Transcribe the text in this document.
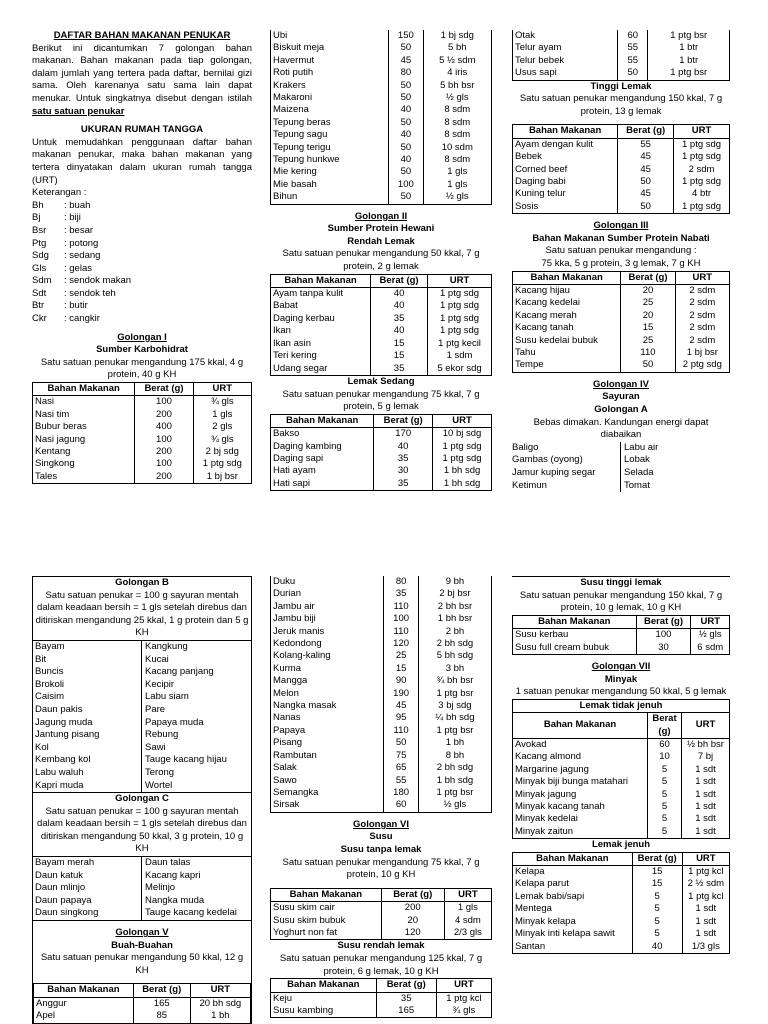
DAFTAR BAHAN MAKANAN PENUKAR
Berikut ini dicantumkan 7 golongan bahan makanan. Bahan makanan pada tiap golongan, dalam jumlah yang tertera pada daftar, bernilai gizi sama. Oleh karenanya satu sama lain dapat menukar. Untuk singkatnya disebut dengan istilah satu satuan penukar
UKURAN RUMAH TANGGA
Untuk memudahkan penggunaan daftar bahan makanan penukar, maka bahan makanan yang tertera dinyatakan dalam ukuran rumah tangga (URT)
Keterangan :
Bh	: buah
Bj	: biji
Bsr	: besar
Ptg	: potong
Sdg	: sedang
Gls	: gelas
Sdm	: sendok makan
Sdt	: sendok teh
Btr	: butir
Ckr	: cangkir
Golongan I
Sumber Karbohidrat
Satu satuan penukar mengandung 175 kkal, 4 g protein, 40 g KH
Bahan Makanan	Berat (g)	URT
Nasi	100	¾ gls
Nasi tim	200	1 gls
Bubur beras	400	2 gls
Nasi jagung	100	¾ gls
Kentang	200	2 bj sdg
Singkong	100	1 ptg sdg
Tales	200	1 bj bsr
Ubi	150	1 bj sdg
Biskuit meja	50	5 bh
Havermut	45	5 ½ sdm
Roti putih	80	4 iris
Krakers	50	5 bh bsr
Makaroni	50	½ gls
Maizena	40	8 sdm
Tepung beras	50	8 sdm
Tepung sagu	40	8 sdm
Tepung terigu	50	10 sdm
Tepung hunkwe	40	8 sdm
Mie kering	50	1 gls
Mie basah	100	1 gls
Bihun	50	½ gls
Golongan II
Sumber Protein Hewani
Rendah Lemak
Satu satuan penukar mengandung 50 kkal, 7 g protein, 2 g lemak
Bahan Makanan	Berat (g)	URT
Ayam tanpa kulit	40	1 ptg sdg
Babat	40	1 ptg sdg
Daging kerbau	35	1 ptg sdg
Ikan	40	1 ptg sdg
Ikan asin	15	1 ptg kecil
Teri kering	15	1 sdm
Udang segar	35	5 ekor sdg
Lemak Sedang
Satu satuan penukar mengandung 75 kkal, 7 g protein, 5 g lemak
Bahan Makanan	Berat (g)	URT
Bakso	170	10 bj sdg
Daging kambing	40	1 ptg sdg
Daging sapi	35	1 ptg sdg
Hati ayam	30	1 bh sdg
Hati sapi	35	1 bh sdg
Otak	60	1 ptg bsr
Telur ayam	55	1 btr
Telur bebek	55	1 btr
Usus sapi	50	1 ptg bsr
Tinggi Lemak
Satu satuan penukar mengandung 150 kkal, 7 g protein, 13 g lemak
Bahan Makanan	Berat (g)	URT
Ayam dengan kulit	55	1 ptg sdg
Bebek	45	1 ptg sdg
Corned beef	45	2 sdm
Daging babi	50	1 ptg sdg
Kuning telur	45	4 btr
Sosis	50	1 ptg sdg
Golongan III
Bahan Makanan Sumber Protein Nabati
Satu satuan penukar mengandung :
75 kka, 5 g protein, 3 g lemak, 7 g KH
Bahan Makanan	Berat (g)	URT
Kacang hijau	20	2 sdm
Kacang kedelai	25	2 sdm
Kacang merah	20	2 sdm
Kacang tanah	15	2 sdm
Susu kedelai bubuk	25	2 sdm
Tahu	110	1 bj bsr
Tempe	50	2 ptg sdg
Golongan IV
Sayuran
Golongan A
Bebas dimakan. Kandungan energi dapat diabaikan
Baligo
Gambas (oyong)
Jamur kuping segar
Ketimun
Labu air
Lobak
Selada
Tomat
Golongan B
Satu satuan penukar = 100 g sayuran mentah dalam keadaan bersih = 1 gls setelah direbus dan ditiriskan mengandung 25 kkal, 1 g protein dan 5 g KH
Bayam
Bit
Buncis
Brokoli
Caisim
Daun pakis
Jagung muda
Jantung pisang
Kol
Kembang kol
Labu waluh
Kapri muda
Kangkung
Kucai
Kacang panjang
Kecipir
Labu siam
Pare
Papaya muda
Rebung
Sawi
Tauge kacang hijau
Terong
Wortel
Golongan C
Satu satuan penukar = 100 g sayuran mentah dalam keadaan bersih = 1 gls setelah direbus dan ditiriskan mengandung 50 kkal, 3 g protein, 10 g KH
Bayam merah
Daun katuk
Daun mlinjo
Daun papaya
Daun singkong
Daun talas
Kacang kapri
Melinjo
Nangka muda
Tauge kacang kedelai
Golongan V
Buah-Buahan
Satu satuan penukar mengandung 50 kkal, 12 g KH
Bahan Makanan	Berat (g)	URT
Anggur	165	20 bh sdg
Apel	85	1 bh
Duku	80	9 bh
Durian	35	2 bj bsr
Jambu air	110	2 bh bsr
Jambu biji	100	1 bh bsr
Jeruk manis	110	2 bh
Kedondong	120	2 bh sdg
Kolang-kaling	25	5 bh sdg
Kurma	15	3 bh
Mangga	90	¾ bh bsr
Melon	190	1 ptg bsr
Nangka masak	45	3 bj sdg
Nanas	95	¼ bh sdg
Papaya	110	1 ptg bsr
Pisang	50	1 bh
Rambutan	75	8 bh
Salak	65	2 bh sdg
Sawo	55	1 bh sdg
Semangka	180	1 ptg bsr
Sirsak	60	½ gls
Golongan VI
Susu
Susu tanpa lemak
Satu satuan penukar mengandung 75 kkal, 7 g protein, 10 g KH
Bahan Makanan	Berat (g)	URT
Susu skim cair	200	1 gls
Susu skim bubuk	20	4 sdm
Yoghurt non fat	120	2/3 gls
Susu rendah lemak
Satu satuan penukar mengandung 125 kkal, 7 g protein, 6 g lemak, 10 g KH
Bahan Makanan	Berat (g)	URT
Keju	35	1 ptg kcl
Susu kambing	165	¾ gls
Susu tinggi lemak
Satu satuan penukar mengandung 150 kkal, 7 g protein, 10 g lemak, 10 g KH
Bahan Makanan	Berat (g)	URT
Susu kerbau	100	½ gls
Susu full cream bubuk	30	6 sdm
Golongan VII
Minyak
1 satuan penukar mengandung 50 kkal, 5 g lemak
Lemak tidak jenuh		
Bahan Makanan	Berat (g)	URT
Avokad	60	½ bh bsr
Kacang almond	10	7 bj
Margarine jagung	5	1 sdt
Minyak biji bunga matahari	5	1 sdt
Minyak jagung	5	1 sdt
Minyak kacang tanah	5	1 sdt
Minyak kedelai	5	1 sdt
Minyak zaitun	5	1 sdt
Lemak jenuh		
Bahan Makanan	Berat (g)	URT
Kelapa	15	1 ptg kcl
Kelapa parut	15	2 ½ sdm
Lemak babi/sapi	5	1 ptg kcl
Mentega	5	1 sdt
Minyak kelapa	5	1 sdt
Minyak inti kelapa sawit	5	1 sdt
Santan	40	1/3 gls
